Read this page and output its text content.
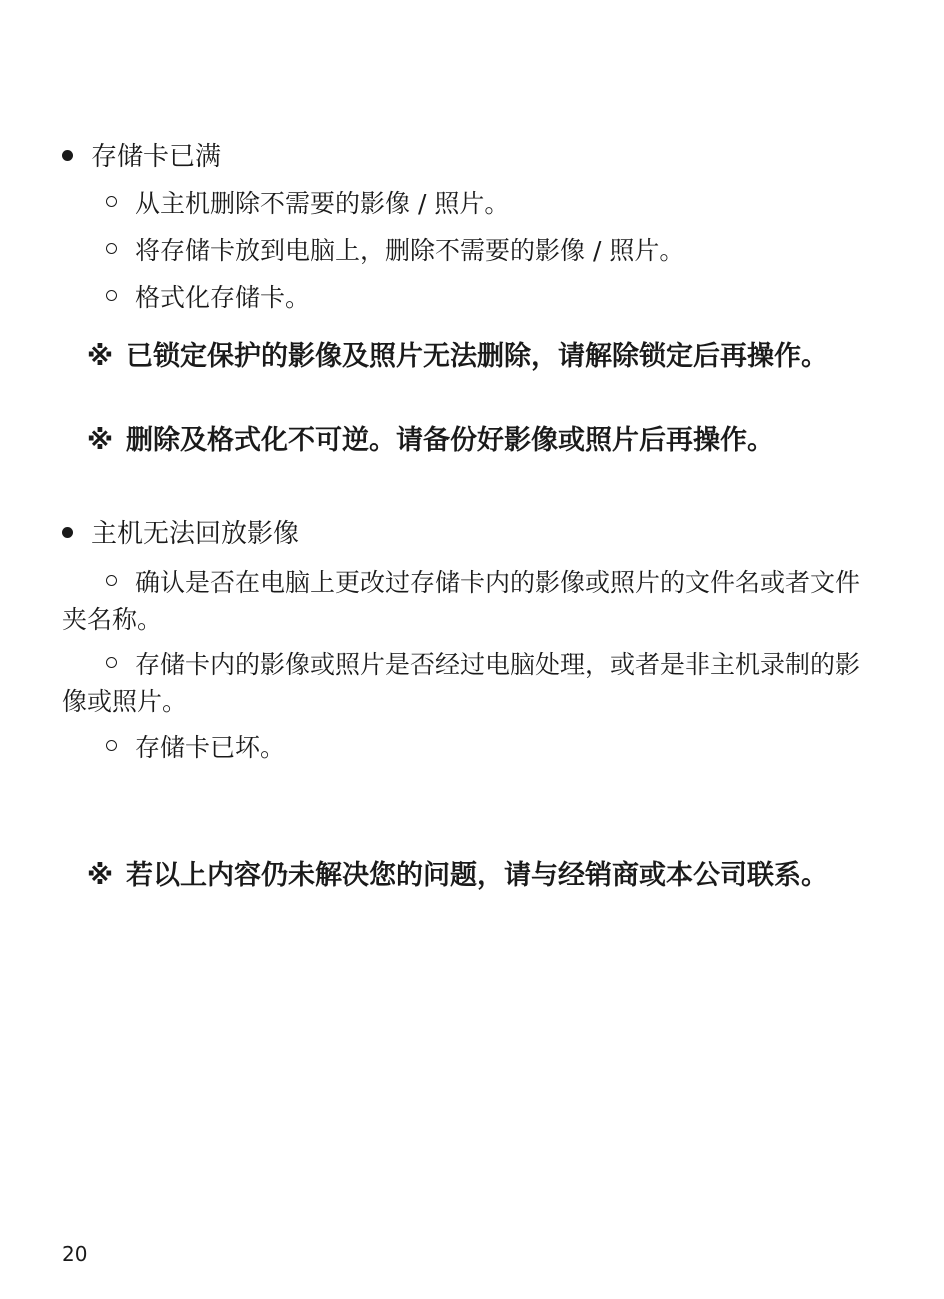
存储卡已满
从主机删除不需要的影像 / 照片。
将存储卡放到电脑上，删除不需要的影像 / 照片。
格式化存储卡。
※ 已锁定保护的影像及照片无法删除，请解除锁定后再操作。
※ 删除及格式化不可逆。请备份好影像或照片后再操作。
主机无法回放影像
确认是否在电脑上更改过存储卡内的影像或照片的文件名或者文件夹名称。
存储卡内的影像或照片是否经过电脑处理，或者是非主机录制的影像或照片。
存储卡已坏。
※ 若以上内容仍未解决您的问题，请与经销商或本公司联系。
20
